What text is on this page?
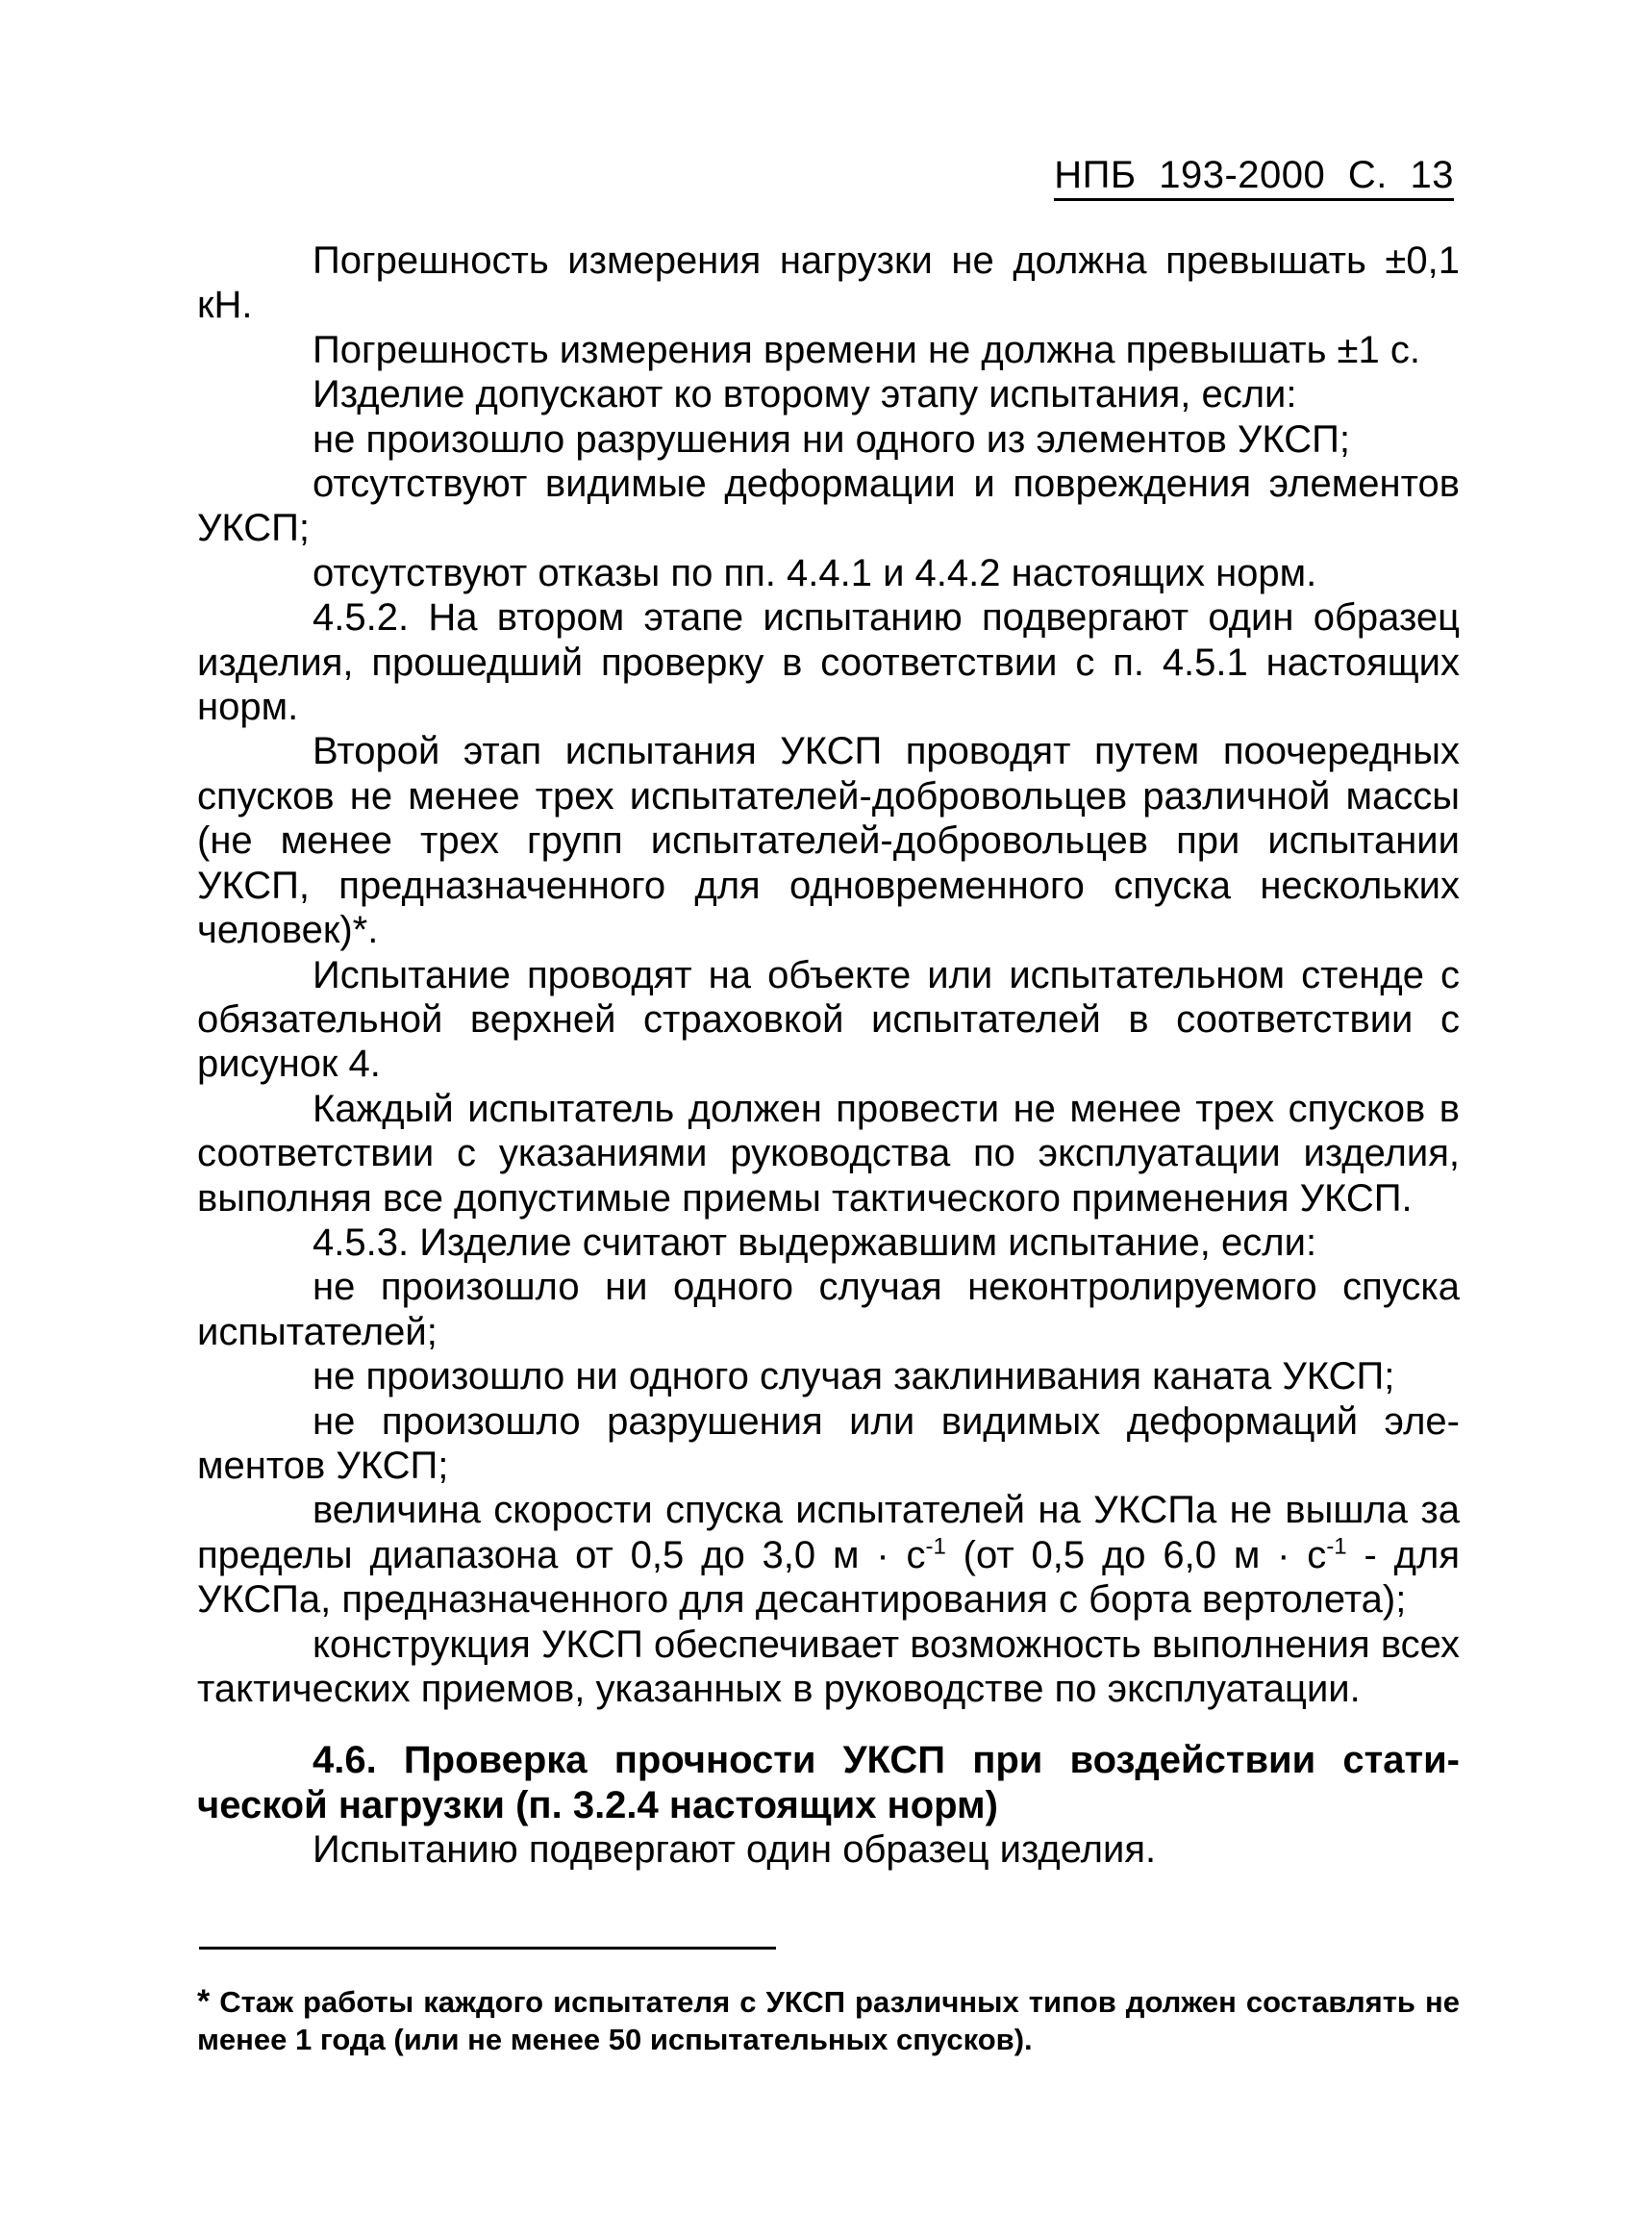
НПБ 193-2000 С. 13

Погрешность измерения нагрузки не должна превышать ±0,1 кН.

Погрешность измерения времени не должна превышать ±1 с.

Изделие допускают ко второму этапу испытания, если:

не произошло разрушения ни одного из элементов УКСП;

отсутствуют видимые деформации и повреждения элементов УКСП;

отсутствуют отказы по пп. 4.4.1 и 4.4.2 настоящих норм.

4.5.2. На втором этапе испытанию подвергают один образец изделия, прошедший проверку в соответствии с п. 4.5.1 настоящих норм.

Второй этап испытания УКСП проводят путем поочередных спусков не менее трех испытателей-добровольцев различной массы (не менее трех групп испытателей-добровольцев при испытании УКСП, предназначенного для одновременного спуска нескольких человек)*.

Испытание проводят на объекте или испытательном стенде с обязательной верхней страховкой испытателей в соответствии с рисунок 4.

Каждый испытатель должен провести не менее трех спусков в соответствии с указаниями руководства по эксплуатации изделия, выполняя все допустимые приемы тактического применения УКСП.

4.5.3. Изделие считают выдержавшим испытание, если:

не произошло ни одного случая неконтролируемого спуска испытателей;

не произошло ни одного случая заклинивания каната УКСП;

не произошло разрушения или видимых деформаций элементов УКСП;

величина скорости спуска испытателей на УКСПа не вышла за пределы диапазона от 0,5 до 3,0 $м \cdot с^{-1}$ (от 0,5 до 6,0 $м \cdot с^{-1}$ - для УКСПа, предназначенного для десантирования с борта вертолета);

конструкция УКСП обеспечивает возможность выполнения всех тактических приемов, указанных в руководстве по эксплуатации.

4.6. Проверка прочности УКСП при воздействии статической нагрузки (п. 3.2.4 настоящих норм)

Испытанию подвергают один образец изделия.

* Стаж работы каждого испытателя с УКСП различных типов должен составлять не менее 1 года (или не менее 50 испытательных спусков).
